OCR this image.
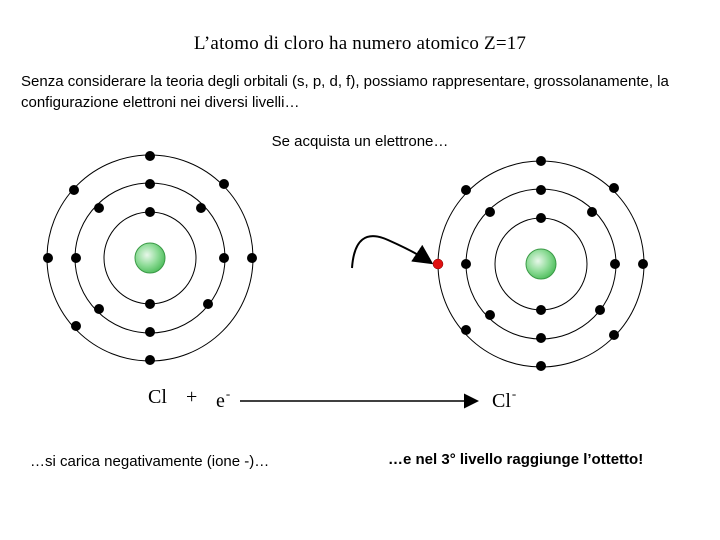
L’atomo di cloro ha numero atomico Z=17
Senza considerare la teoria degli orbitali (s, p, d, f), possiamo rappresentare, grossolanamente, la configurazione elettroni nei diversi livelli…
Se acquista un elettrone…
Cl + e-	Cl-
…si carica negativamente (ione -)…	…e nel 3° livello raggiunge l’ottetto!
